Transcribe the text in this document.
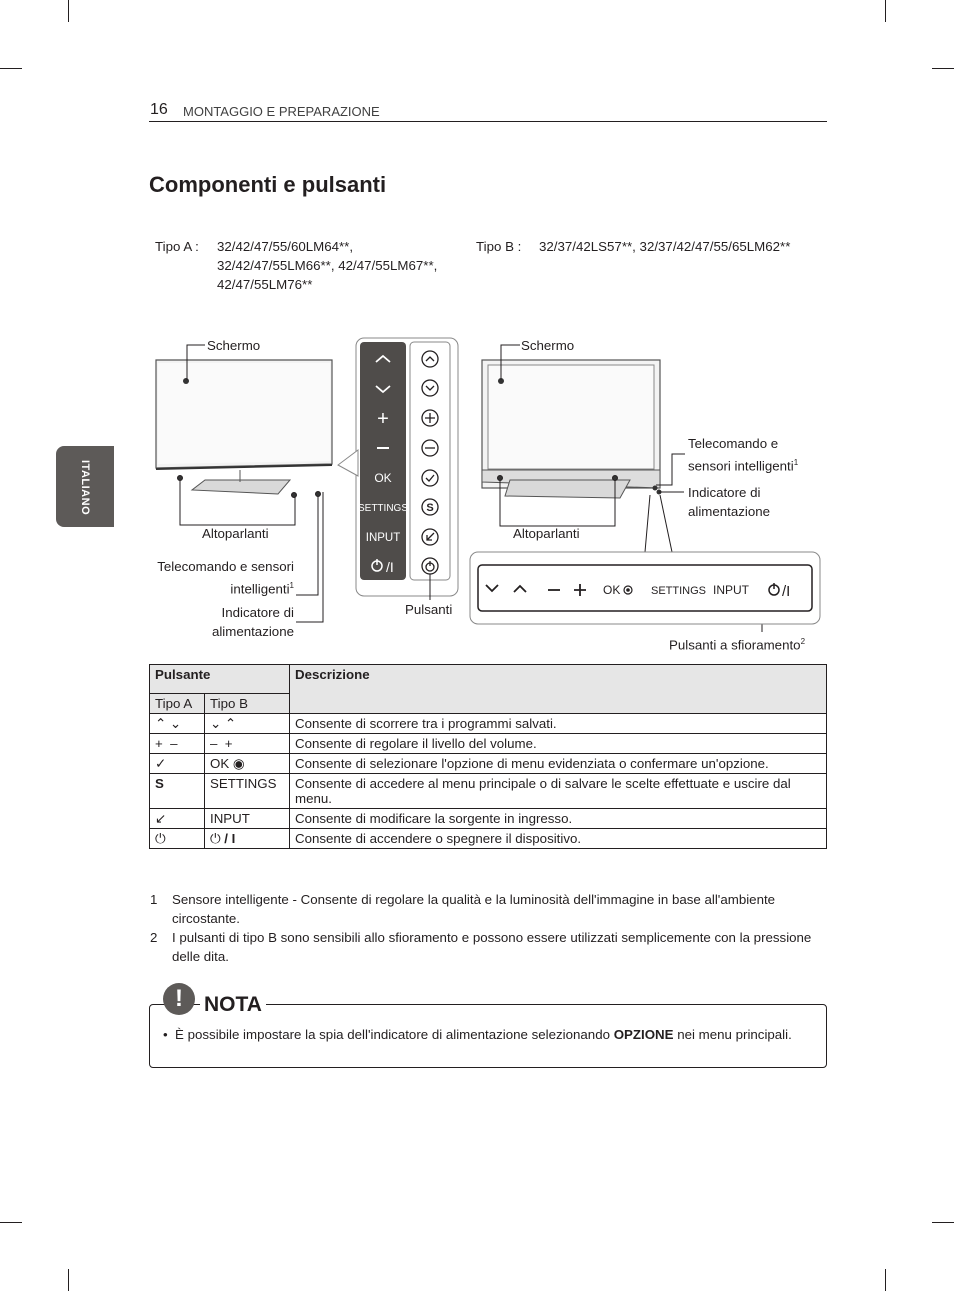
16 MONTAGGIO E PREPARAZIONE
ITALIANO
Componenti e pulsanti
Tipo A : 32/42/47/55/60LM64**,
32/42/47/55LM66**, 42/47/55LM67**,
42/47/55LM76**
Tipo B : 32/37/42LS57**, 32/37/42/47/55/65LM62**
+
OK
SETTINGS
INPUT
/I
S
OK	SETTINGS INPUT /I
Schermo
Altoparlanti
Telecomando e sensori
intelligenti$^1$
Indicatore di
alimentazione
Pulsanti
Schermo
Telecomando e
sensori intelligenti$^1$
Indicatore di
alimentazione
Altoparlanti
Pulsanti a sfioramento$^2$
Pulsante		Descrizione
Tipo A	Tipo B	
⌃ ⌄	⌄ ⌃	Consente di scorrere tra i programmi salvati.
+  –	–  +	Consente di regolare il livello del volume.
✓	OK ◉	Consente di selezionare l'opzione di menu evidenziata o confermare un'opzione.
S	SETTINGS	Consente di accedere al menu principale o di salvare le scelte effettuate e uscire dal menu.
↙	INPUT	Consente di modificare la sorgente in ingresso.
⏻	⏻ / I	Consente di accendere o spegnere il dispositivo.
1 Sensore intelligente - Consente di regolare la qualità e la luminosità dell'immagine in base all'ambiente circostante.
2 I pulsanti di tipo B sono sensibili allo sfioramento e possono essere utilizzati semplicemente con la pressione delle dita.
!	NOTA
• È possibile impostare la spia dell'indicatore di alimentazione selezionando OPZIONE nei menu principali.
